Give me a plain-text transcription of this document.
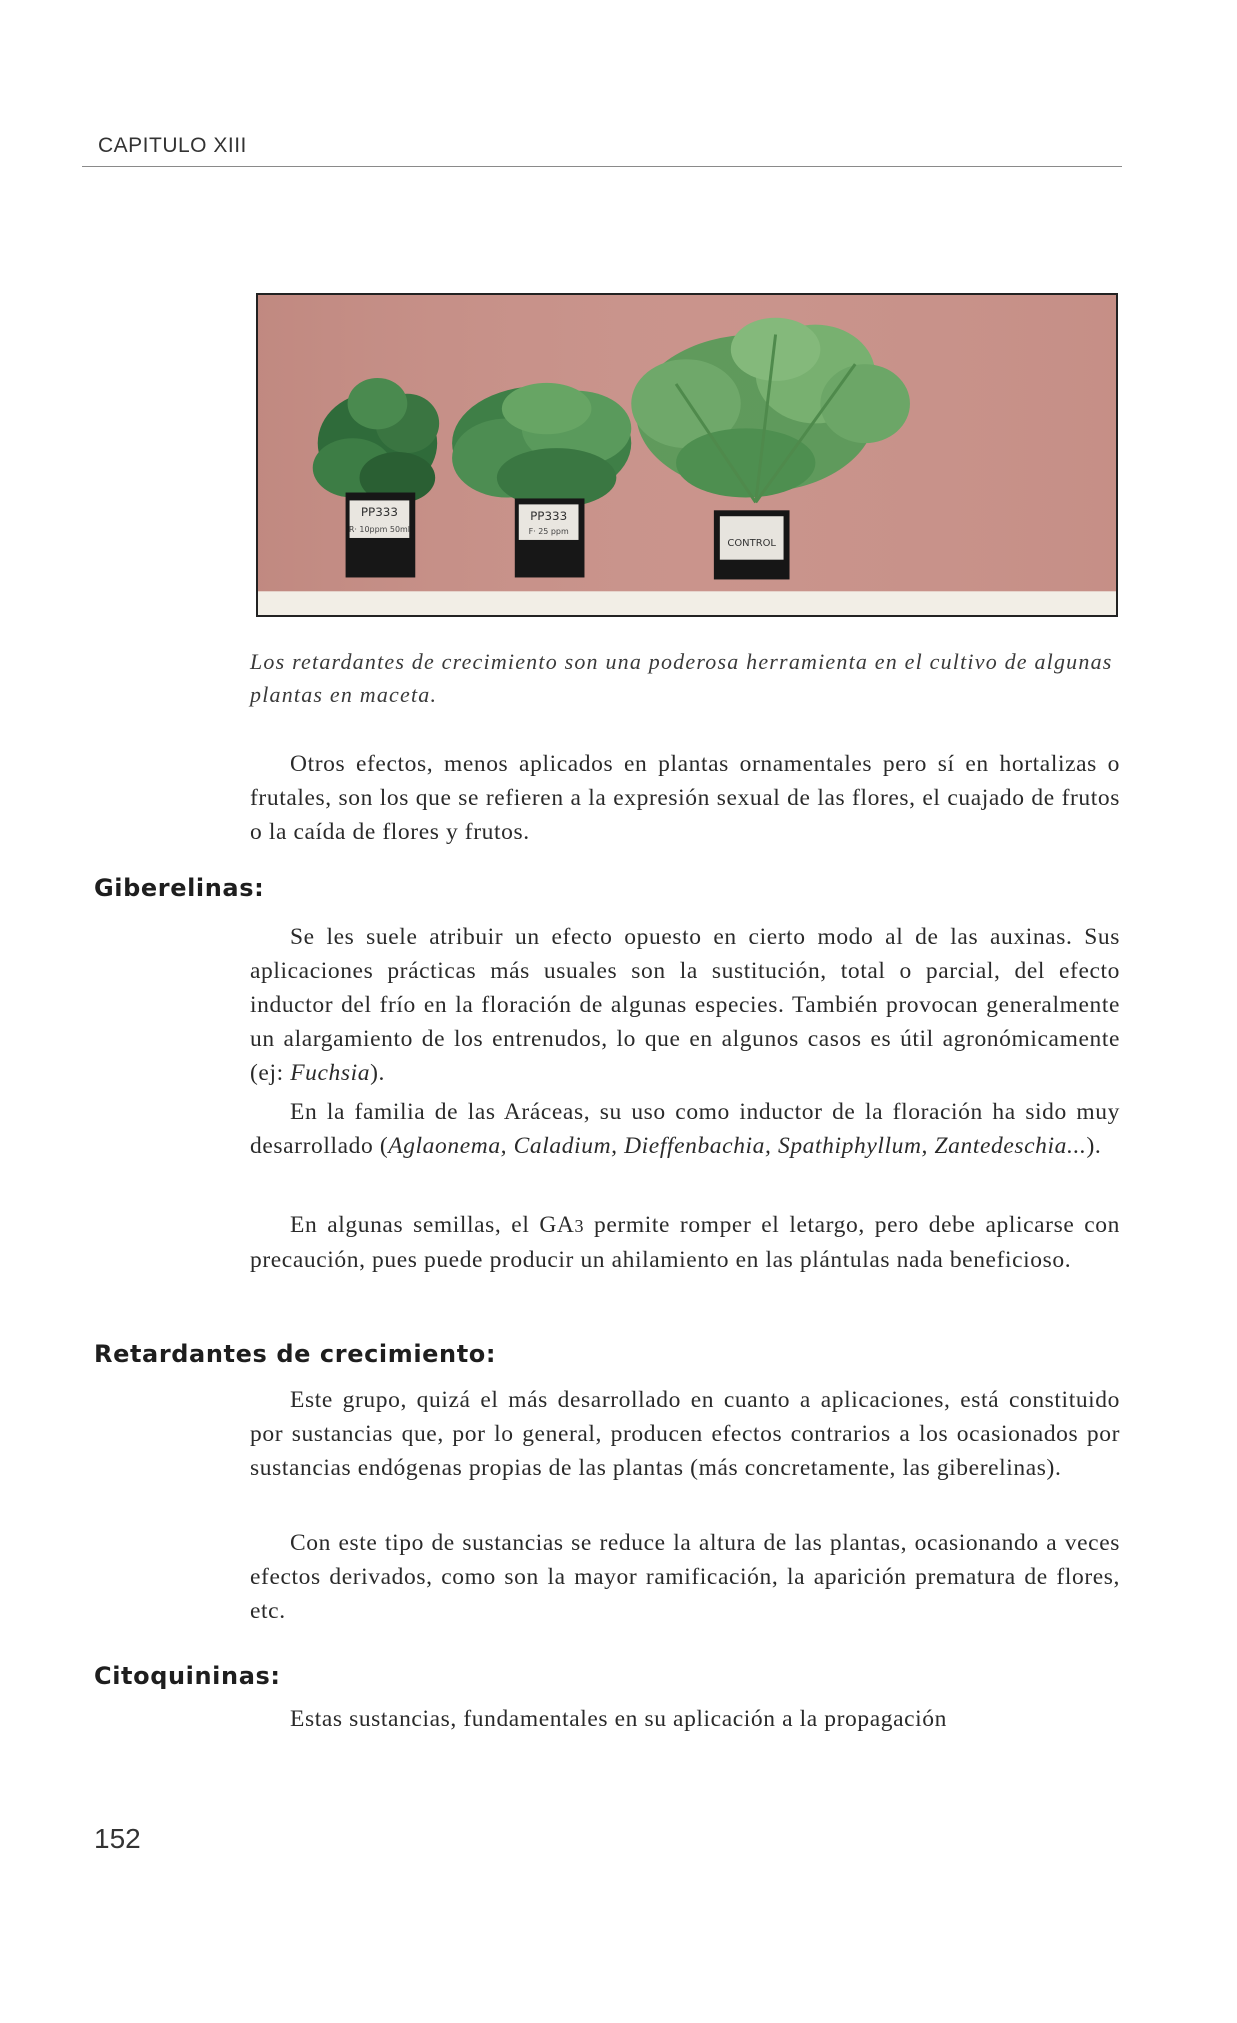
CAPITULO XIII
PP333
R· 10ppm 50ml
PP333
F· 25 ppm
CONTROL
Los retardantes de crecimiento son una poderosa herramienta en el cultivo de algunas plantas en maceta.

Otros efectos, menos aplicados en plantas ornamentales pero sí en hortalizas o frutales, son los que se refieren a la expresión sexual de las flores, el cuajado de frutos o la caída de flores y frutos.

Giberelinas:

Se les suele atribuir un efecto opuesto en cierto modo al de las auxinas. Sus aplicaciones prácticas más usuales son la sustitución, total o parcial, del efecto inductor del frío en la floración de algunas especies. También provocan generalmente un alargamiento de los entrenudos, lo que en algunos casos es útil agronómicamente (ej: Fuchsia).

En la familia de las Aráceas, su uso como inductor de la floración ha sido muy desarrollado (Aglaonema, Caladium, Dieffenbachia, Spathiphyllum, Zantedeschia...).

En algunas semillas, el GA3 permite romper el letargo, pero debe aplicarse con precaución, pues puede producir un ahilamiento en las plántulas nada beneficioso.

Retardantes de crecimiento:

Este grupo, quizá el más desarrollado en cuanto a aplicaciones, está constituido por sustancias que, por lo general, producen efectos contrarios a los ocasionados por sustancias endógenas propias de las plantas (más concretamente, las giberelinas).

Con este tipo de sustancias se reduce la altura de las plantas, ocasionando a veces efectos derivados, como son la mayor ramificación, la aparición prematura de flores, etc.

Citoquininas:

Estas sustancias, fundamentales en su aplicación a la propagación

152
